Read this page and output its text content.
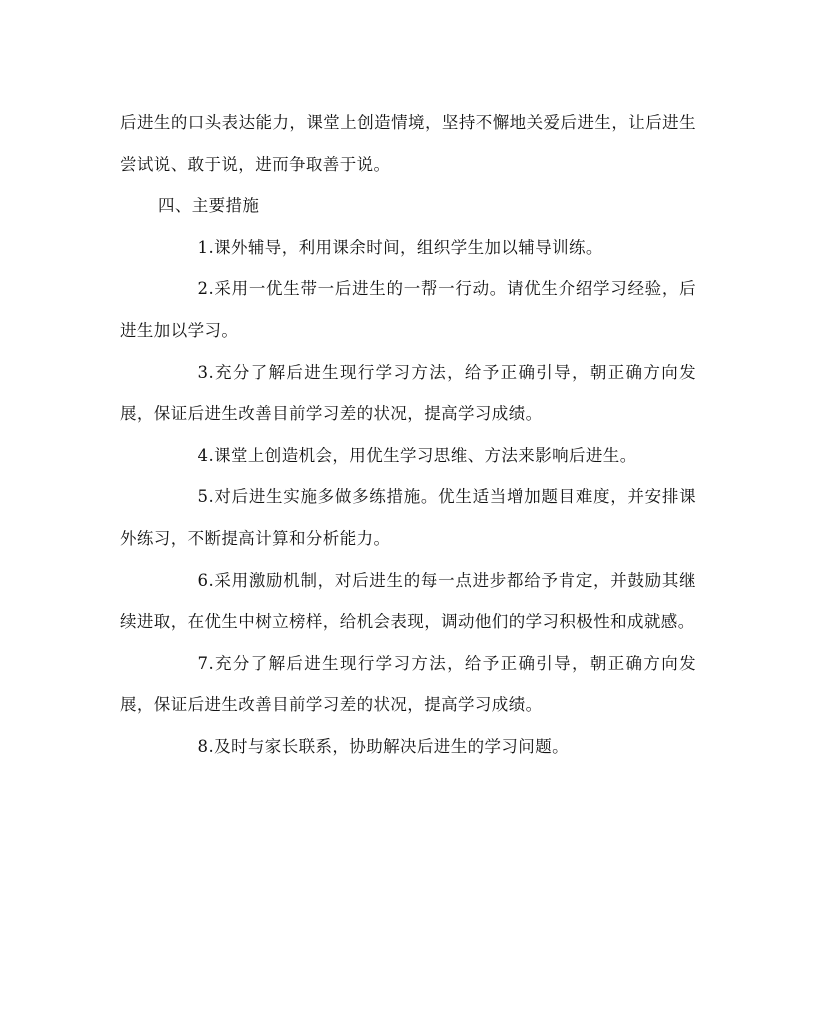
后进生的口头表达能力，课堂上创造情境，坚持不懈地关爱后进生，让后进生尝试说、敢于说，进而争取善于说。

四、主要措施

1.课外辅导，利用课余时间，组织学生加以辅导训练。

2.采用一优生带一后进生的一帮一行动。请优生介绍学习经验，后进生加以学习。

3.充分了解后进生现行学习方法，给予正确引导，朝正确方向发展，保证后进生改善目前学习差的状况，提高学习成绩。

4.课堂上创造机会，用优生学习思维、方法来影响后进生。

5.对后进生实施多做多练措施。优生适当增加题目难度，并安排课外练习，不断提高计算和分析能力。

6.采用激励机制，对后进生的每一点进步都给予肯定，并鼓励其继续进取，在优生中树立榜样，给机会表现，调动他们的学习积极性和成就感。

7.充分了解后进生现行学习方法，给予正确引导，朝正确方向发展，保证后进生改善目前学习差的状况，提高学习成绩。

8.及时与家长联系，协助解决后进生的学习问题。
